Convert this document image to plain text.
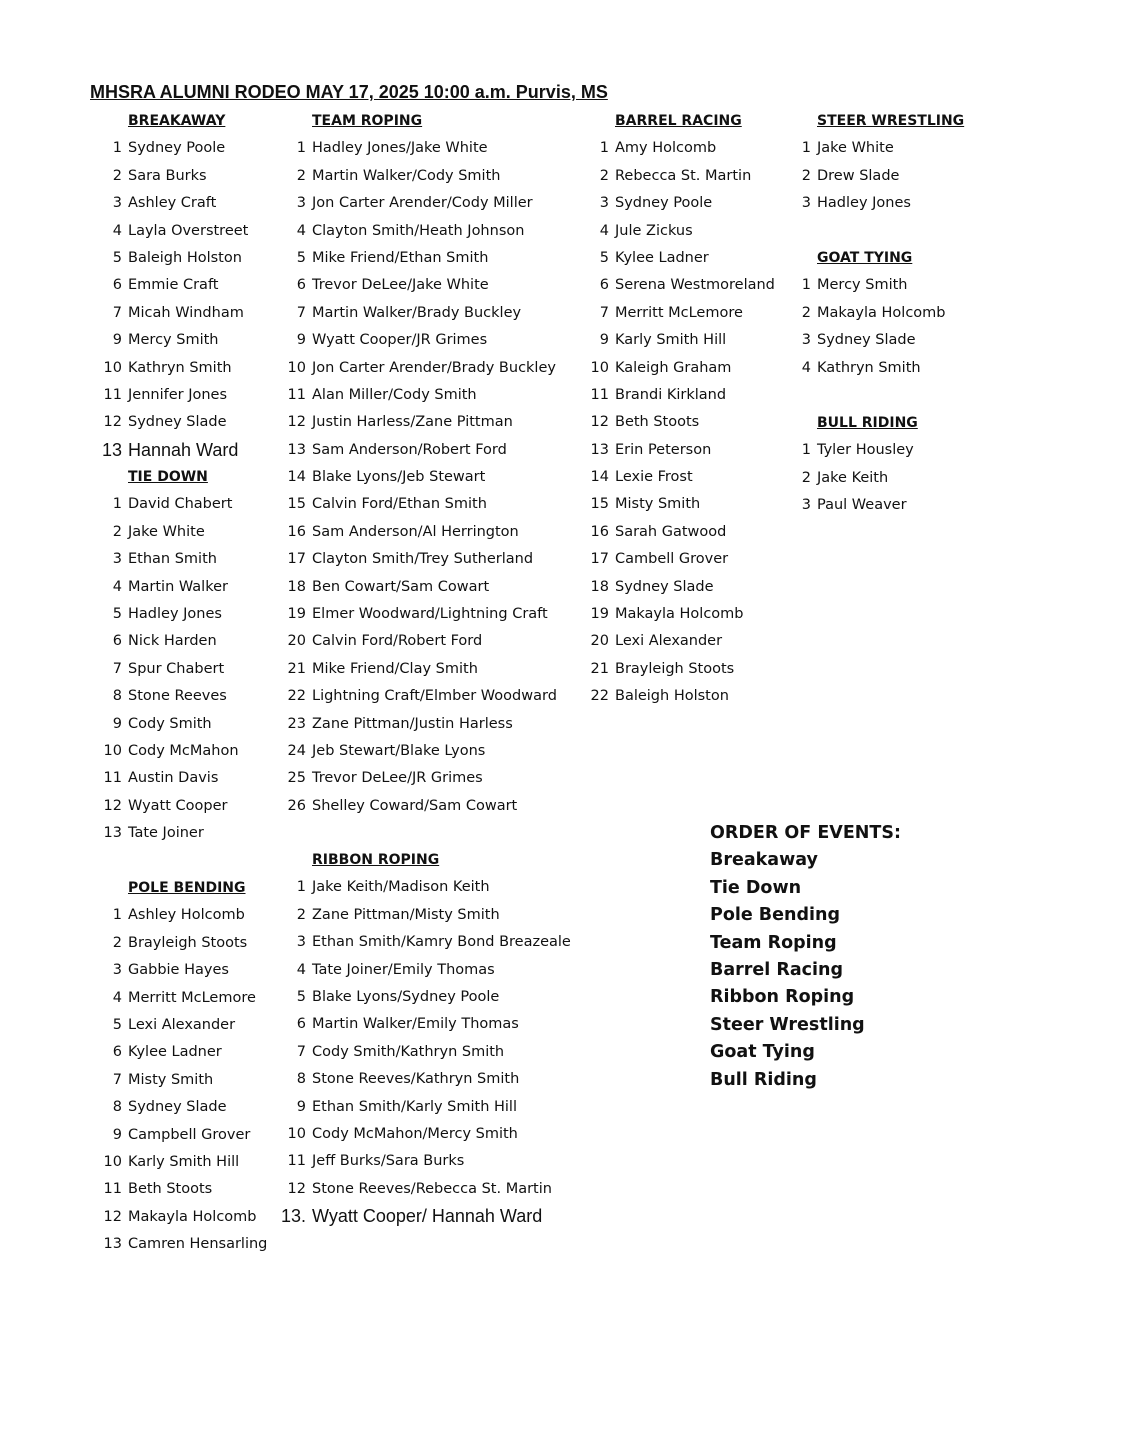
MHSRA ALUMNI RODEO MAY 17, 2025 10:00 a.m. Purvis, MS
BREAKAWAY
1 Sydney Poole
2 Sara Burks
3 Ashley Craft
4 Layla Overstreet
5 Baleigh Holston
6 Emmie Craft
7 Micah Windham
9 Mercy Smith
10 Kathryn Smith
11 Jennifer Jones
12 Sydney Slade
13 Hannah Ward
TIE DOWN
1 David Chabert
2 Jake White
3 Ethan Smith
4 Martin Walker
5 Hadley Jones
6 Nick Harden
7 Spur Chabert
8 Stone Reeves
9 Cody Smith
10 Cody McMahon
11 Austin Davis
12 Wyatt Cooper
13 Tate Joiner
POLE BENDING
1 Ashley Holcomb
2 Brayleigh Stoots
3 Gabbie Hayes
4 Merritt McLemore
5 Lexi Alexander
6 Kylee Ladner
7 Misty Smith
8 Sydney Slade
9 Campbell Grover
10 Karly Smith Hill
11 Beth Stoots
12 Makayla Holcomb
13 Camren Hensarling
TEAM ROPING
1 Hadley Jones/Jake White
2 Martin Walker/Cody Smith
3 Jon Carter Arender/Cody Miller
4 Clayton Smith/Heath Johnson
5 Mike Friend/Ethan Smith
6 Trevor DeLee/Jake White
7 Martin Walker/Brady Buckley
9 Wyatt Cooper/JR Grimes
10 Jon Carter Arender/Brady Buckley
11 Alan Miller/Cody Smith
12 Justin Harless/Zane Pittman
13 Sam Anderson/Robert Ford
14 Blake Lyons/Jeb Stewart
15 Calvin Ford/Ethan Smith
16 Sam Anderson/Al Herrington
17 Clayton Smith/Trey Sutherland
18 Ben Cowart/Sam Cowart
19 Elmer Woodward/Lightning Craft
20 Calvin Ford/Robert Ford
21 Mike Friend/Clay Smith
22 Lightning Craft/Elmber Woodward
23 Zane Pittman/Justin Harless
24 Jeb Stewart/Blake Lyons
25 Trevor DeLee/JR Grimes
26 Shelley Coward/Sam Cowart
RIBBON ROPING
1 Jake Keith/Madison Keith
2 Zane Pittman/Misty Smith
3 Ethan Smith/Kamry Bond Breazeale
4 Tate Joiner/Emily Thomas
5 Blake Lyons/Sydney Poole
6 Martin Walker/Emily Thomas
7 Cody Smith/Kathryn Smith
8 Stone Reeves/Kathryn Smith
9 Ethan Smith/Karly Smith Hill
10 Cody McMahon/Mercy Smith
11 Jeff Burks/Sara Burks
12 Stone Reeves/Rebecca St. Martin
13. Wyatt Cooper/ Hannah Ward
BARREL RACING
1 Amy Holcomb
2 Rebecca St. Martin
3 Sydney Poole
4 Jule Zickus
5 Kylee Ladner
6 Serena Westmoreland
7 Merritt McLemore
9 Karly Smith Hill
10 Kaleigh Graham
11 Brandi Kirkland
12 Beth Stoots
13 Erin Peterson
14 Lexie Frost
15 Misty Smith
16 Sarah Gatwood
17 Cambell Grover
18 Sydney Slade
19 Makayla Holcomb
20 Lexi Alexander
21 Brayleigh Stoots
22 Baleigh Holston
STEER WRESTLING
1 Jake White
2 Drew Slade
3 Hadley Jones
GOAT TYING
1 Mercy Smith
2 Makayla Holcomb
3 Sydney Slade
4 Kathryn Smith
BULL RIDING
1 Tyler Housley
2 Jake Keith
3 Paul Weaver
ORDER OF EVENTS:
Breakaway
Tie Down
Pole Bending
Team Roping
Barrel Racing
Ribbon Roping
Steer Wrestling
Goat Tying
Bull Riding
